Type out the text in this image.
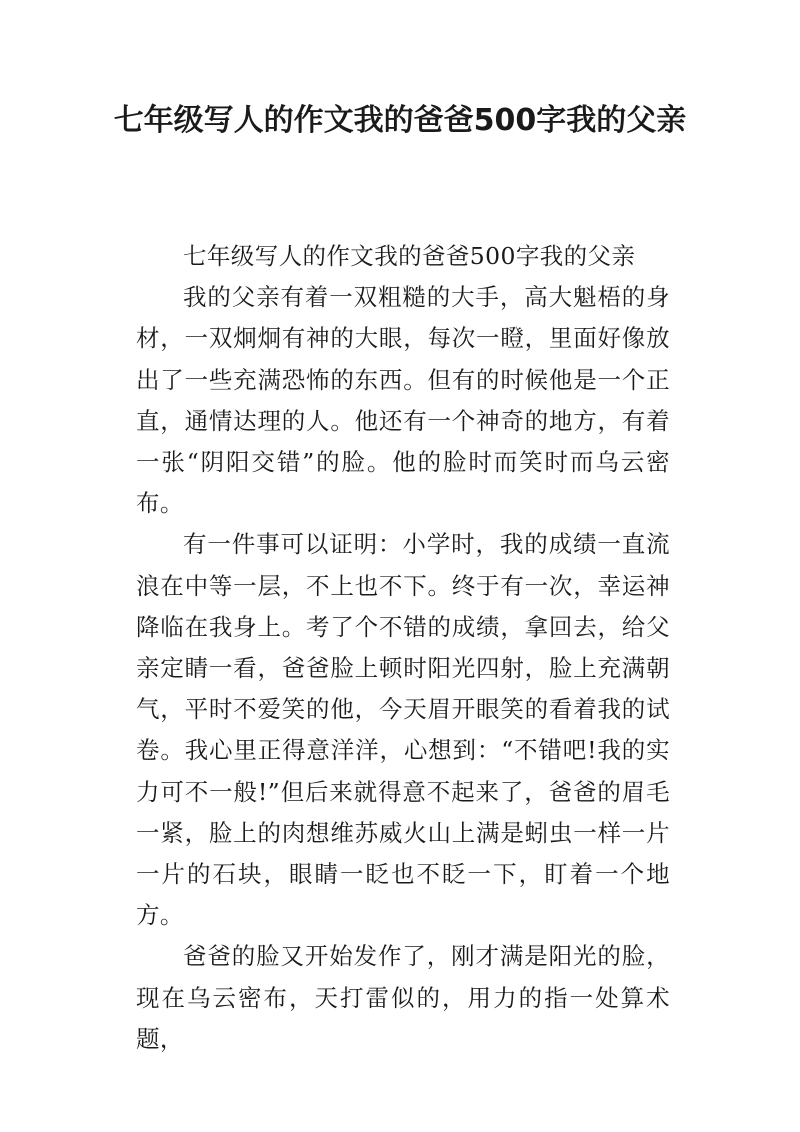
七年级写人的作文我的爸爸500字我的父亲

七年级写人的作文我的爸爸500字我的父亲

我的父亲有着一双粗糙的大手，高大魁梧的身材，一双炯炯有神的大眼，每次一瞪，里面好像放出了一些充满恐怖的东西。但有的时候他是一个正直，通情达理的人。他还有一个神奇的地方，有着一张“阴阳交错”的脸。他的脸时而笑时而乌云密布。

有一件事可以证明：小学时，我的成绩一直流浪在中等一层，不上也不下。终于有一次，幸运神降临在我身上。考了个不错的成绩，拿回去，给父亲定睛一看，爸爸脸上顿时阳光四射，脸上充满朝气，平时不爱笑的他，今天眉开眼笑的看着我的试卷。我心里正得意洋洋，心想到：“不错吧!我的实力可不一般!”但后来就得意不起来了，爸爸的眉毛一紧，脸上的肉想维苏威火山上满是蚓虫一样一片一片的石块，眼睛一眨也不眨一下，盯着一个地方。

爸爸的脸又开始发作了，刚才满是阳光的脸，现在乌云密布，天打雷似的，用力的指一处算术题，
